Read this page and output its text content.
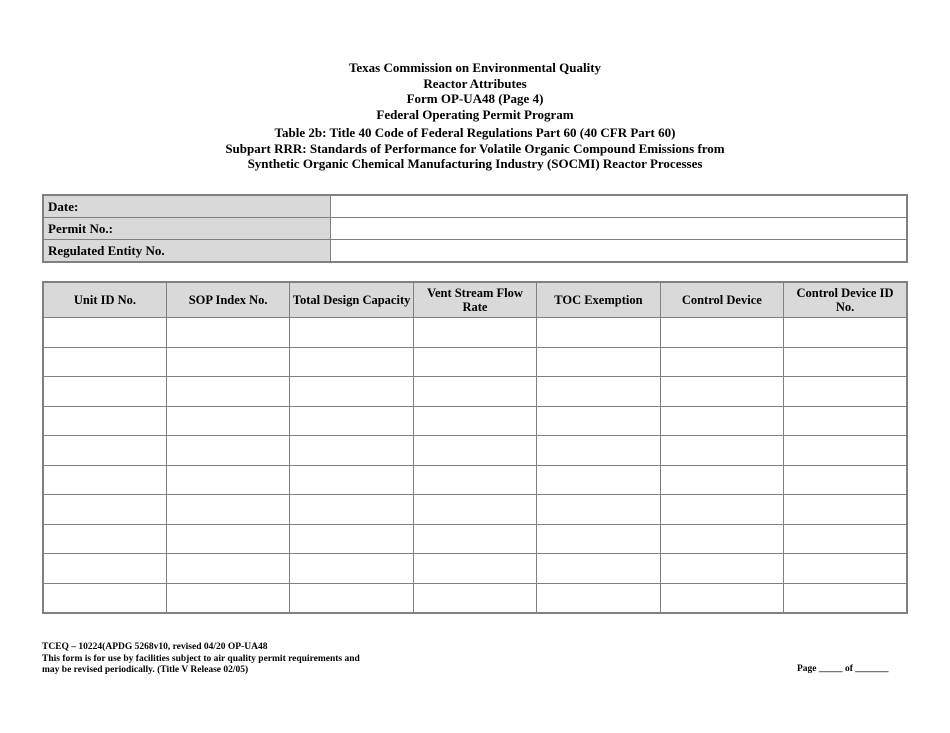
Texas Commission on Environmental Quality
Reactor Attributes
Form OP-UA48 (Page 4)
Federal Operating Permit Program
Table 2b: Title 40 Code of Federal Regulations Part 60 (40 CFR Part 60)
Subpart RRR: Standards of Performance for Volatile Organic Compound Emissions from
Synthetic Organic Chemical Manufacturing Industry (SOCMI) Reactor Processes
Date:	
Permit No.:	
Regulated Entity No.	
Unit ID No.	SOP Index No.	Total Design Capacity	Vent Stream Flow Rate	TOC Exemption	Control Device	Control Device ID No.

TCEQ – 10224(APDG 5268v10, revised 04/20 OP-UA48
This form is for use by facilities subject to air quality permit requirements and
may be revised periodically. (Title V Release 02/05)	Page _____ of _______
